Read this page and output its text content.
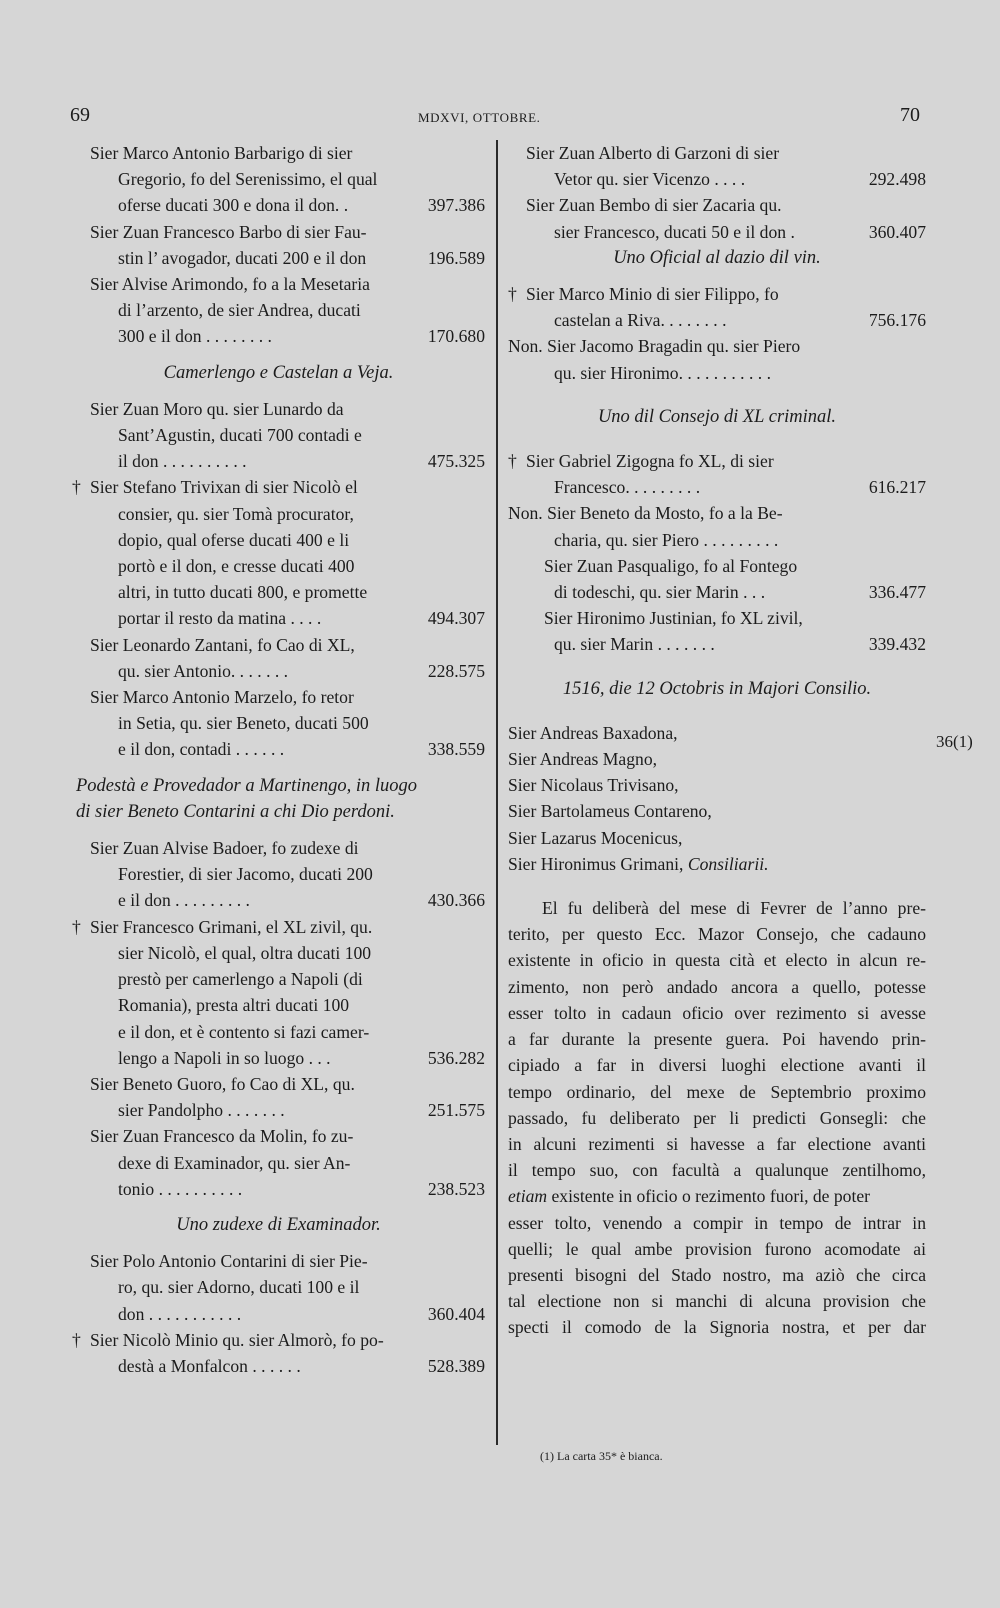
69	MDXVI, OTTOBRE.	70
Sier Marco Antonio Barbarigo di sier
Gregorio, fo del Serenissimo, el qual
oferse ducati 300 e dona il don. .	397.386
Sier Zuan Francesco Barbo di sier Fau-
stin l’ avogador, ducati 200 e il don	196.589
Sier Alvise Arimondo, fo a la Mesetaria
di l’arzento, de sier Andrea, ducati
300 e il don . . . . . . . .	170.680
Camerlengo e Castelan a Veja.
Sier Zuan Moro qu. sier Lunardo da
Sant’Agustin, ducati 700 contadi e
il don . . . . . . . . . .	475.325
† Sier Stefano Trivixan di sier Nicolò el
consier, qu. sier Tomà procurator,
dopio, qual oferse ducati 400 e li
portò e il don, e cresse ducati 400
altri, in tutto ducati 800, e promette
portar il resto da matina . . . .	494.307
Sier Leonardo Zantani, fo Cao di XL,
qu. sier Antonio. . . . . . .	228.575
Sier Marco Antonio Marzelo, fo retor
in Setia, qu. sier Beneto, ducati 500
e il don, contadi . . . . . .	338.559
Podestà e Provedador a Martinengo, in luogo
di sier Beneto Contarini a chi Dio perdoni.
Sier Zuan Alvise Badoer, fo zudexe di
Forestier, di sier Jacomo, ducati 200
e il don . . . . . . . . .	430.366
† Sier Francesco Grimani, el XL zivil, qu.
sier Nicolò, el qual, oltra ducati 100
prestò per camerlengo a Napoli (di
Romania), presta altri ducati 100
e il don, et è contento si fazi camer-
lengo a Napoli in so luogo . . .	536.282
Sier Beneto Guoro, fo Cao di XL, qu.
sier Pandolpho . . . . . . .	251.575
Sier Zuan Francesco da Molin, fo zu-
dexe di Examinador, qu. sier An-
tonio . . . . . . . . . .	238.523
Uno zudexe di Examinador.
Sier Polo Antonio Contarini di sier Pie-
ro, qu. sier Adorno, ducati 100 e il
don . . . . . . . . . . .	360.404
† Sier Nicolò Minio qu. sier Almorò, fo po-
destà a Monfalcon . . . . . .	528.389
Sier Zuan Alberto di Garzoni di sier
Vetor qu. sier Vicenzo . . . .	292.498
Sier Zuan Bembo di sier Zacaria qu.
sier Francesco, ducati 50 e il don .	360.407
Uno Oficial al dazio dil vin.
† Sier Marco Minio di sier Filippo, fo
castelan a Riva. . . . . . . .	756.176
Non. Sier Jacomo Bragadin qu. sier Piero
qu. sier Hironimo. . . . . . . . . . .
Uno dil Consejo di XL criminal.
† Sier Gabriel Zigogna fo XL, di sier
Francesco. . . . . . . . .	616.217
Non. Sier Beneto da Mosto, fo a la Be-
charia, qu. sier Piero . . . . . . . . .
Sier Zuan Pasqualigo, fo al Fontego
di todeschi, qu. sier Marin . . .	336.477
Sier Hironimo Justinian, fo XL zivil,
qu. sier Marin . . . . . . .	339.432
1516, die 12 Octobris in Majori Consilio.
Sier Andreas Baxadona,
Sier Andreas Magno,
Sier Nicolaus Trivisano,
Sier Bartolameus Contareno,
Sier Lazarus Mocenicus,
Sier Hironimus Grimani, Consiliarii.
El fu deliberà del mese di Fevrer de l’anno pre-
terito, per questo Ecc. Mazor Consejo, che cadauno
existente in oficio in questa cità et electo in alcun re-
zimento, non però andado ancora a quello, potesse
esser tolto in cadaun oficio over rezimento si avesse
a far durante la presente guera. Poi havendo prin-
cipiado a far in diversi luoghi electione avanti il
tempo ordinario, del mexe de Septembrio proximo
passado, fu deliberato per li predicti Gonsegli: che
in alcuni rezimenti si havesse a far electione avanti
il tempo suo, con facultà a qualunque zentilhomo,
etiam existente in oficio o rezimento fuori, de poter
esser tolto, venendo a compir in tempo de intrar in
quelli; le qual ambe provision furono acomodate ai
presenti bisogni del Stado nostro, ma aziò che circa
tal electione non si manchi di alcuna provision che
specti il comodo de la Signoria nostra, et per dar
36(1)
(1) La carta 35* è bianca.
